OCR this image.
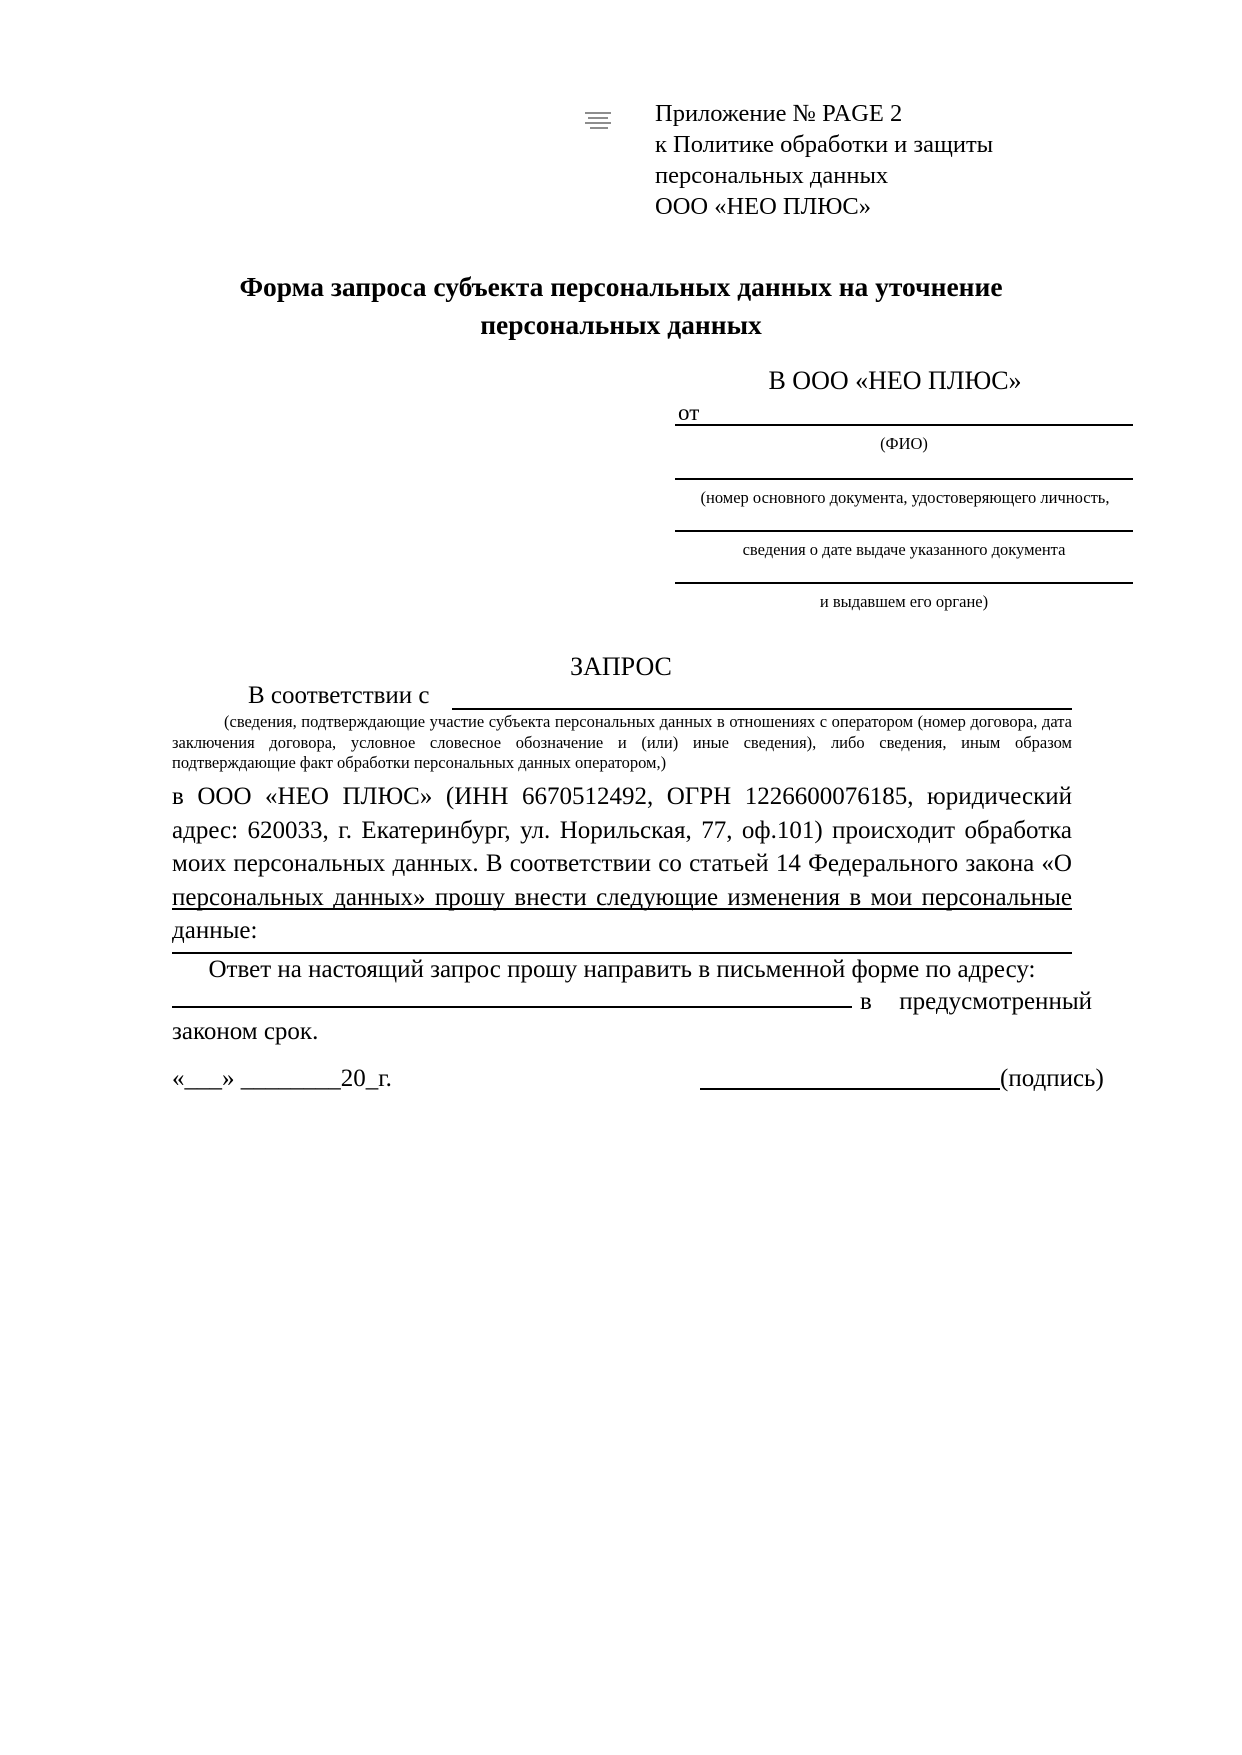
Приложение № PAGE 2
к Политике обработки и защиты
персональных данных
ООО «НЕО ПЛЮС»
Форма запроса субъекта персональных данных на уточнение персональных данных
В ООО «НЕО ПЛЮС»
от
(ФИО)
(номер основного документа, удостоверяющего личность,
сведения о дате выдаче указанного документа
и выдавшем его органе)
ЗАПРОС
В соответствии с
(сведения, подтверждающие участие субъекта персональных данных в отношениях с оператором (номер договора, дата заключения договора, условное словесное обозначение и (или) иные сведения), либо сведения, иным образом подтверждающие факт обработки персональных данных оператором,)
в ООО «НЕО ПЛЮС» (ИНН 6670512492, ОГРН 1226600076185, юридический адрес: 620033, г. Екатеринбург, ул. Норильская, 77, оф.101) происходит обработка моих персональных данных. В соответствии со статьей 14 Федерального закона «О персональных данных» прошу внести следующие изменения в мои персональные данные:
Ответ на настоящий запрос прошу направить в письменной форме по адресу:
в предусмотренный
законом срок.
«___» ________20_г.	(подпись)
